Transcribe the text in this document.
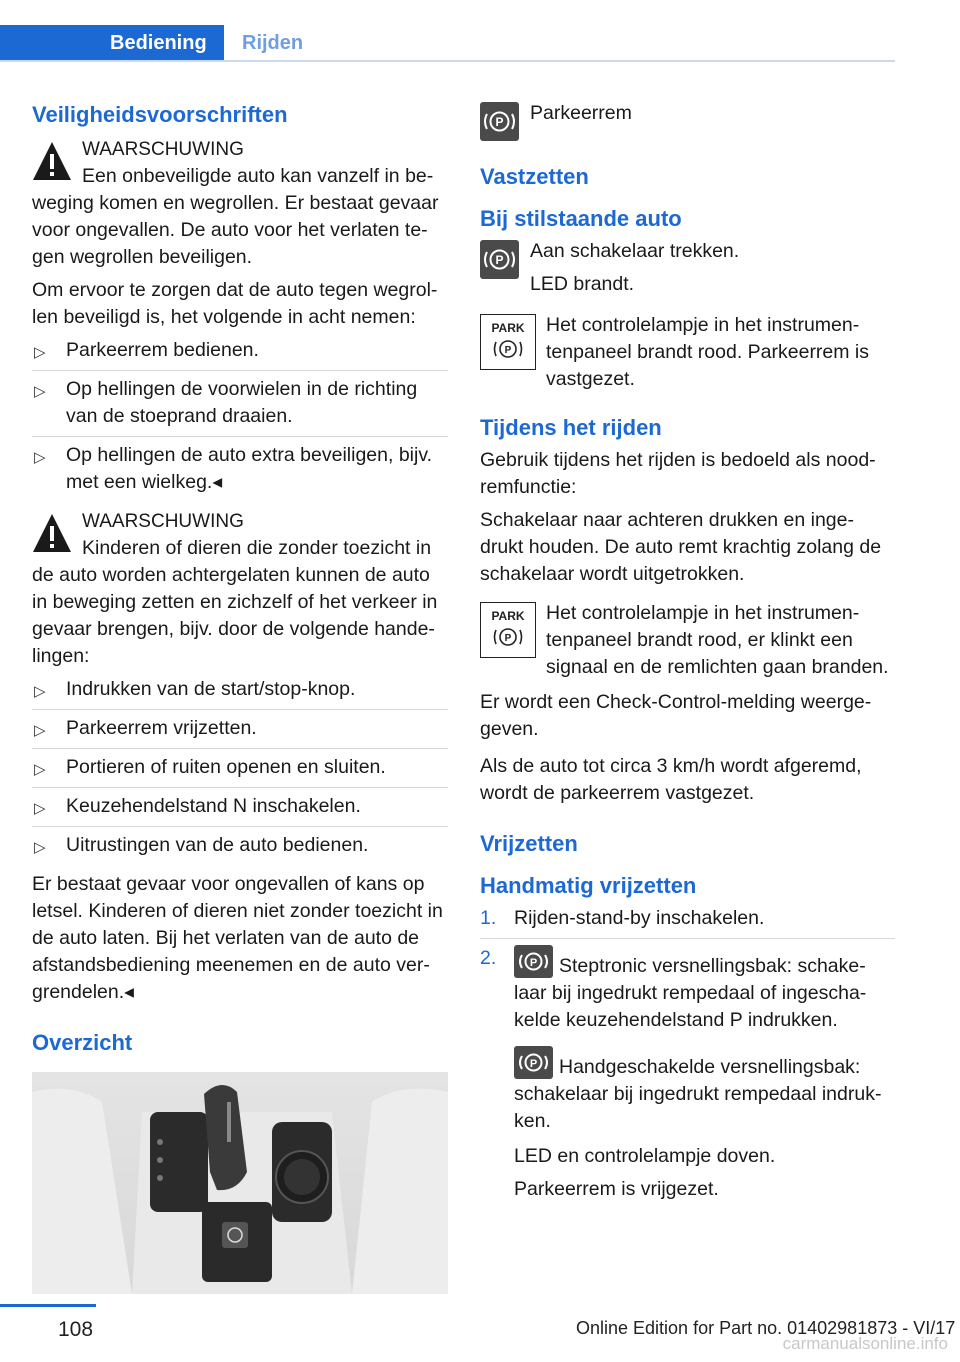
Bediening	Rijden
Veiligheidsvoorschriften
WAARSCHUWING
Een onbeveiligde auto kan vanzelf in be-

weging komen en wegrollen. Er bestaat gevaar voor ongevallen. De auto voor het verlaten te-gen wegrollen beveiligen.

Om ervoor te zorgen dat de auto tegen wegrol-len beveiligd is, het volgende in acht nemen:

▷ Parkeerrem bedienen.
▷ Op hellingen de voorwielen in de richting van de stoeprand draaien.
▷ Op hellingen de auto extra beveiligen, bijv. met een wielkeg.◂
WAARSCHUWING
Kinderen of dieren die zonder toezicht in

de auto worden achtergelaten kunnen de auto in beweging zetten en zichzelf of het verkeer in gevaar brengen, bijv. door de volgende hande-lingen:

▷ Indrukken van de start/stop-knop.
▷ Parkeerrem vrijzetten.
▷ Portieren of ruiten openen en sluiten.
▷ Keuzehendelstand N inschakelen.
▷ Uitrustingen van de auto bedienen.

Er bestaat gevaar voor ongevallen of kans op letsel. Kinderen of dieren niet zonder toezicht in de auto laten. Bij het verlaten van de auto de afstandsbediening meenemen en de auto ver-grendelen.◂

Overzicht
P Parkeerrem

Vastzetten
Bij stilstaande auto
P Aan schakelaar trekken.

LED brandt.

PARK
P

Het controlelampje in het instrumen-tenpaneel brandt rood. Parkeerrem is vastgezet.

Tijdens het rijden

Gebruik tijdens het rijden is bedoeld als nood-remfunctie:

Schakelaar naar achteren drukken en inge-drukt houden. De auto remt krachtig zolang de schakelaar wordt uitgetrokken.

PARK
P

Het controlelampje in het instrumen-tenpaneel brandt rood, er klinkt een signaal en de remlichten gaan branden.

Er wordt een Check-Control-melding weerge-geven.

Als de auto tot circa 3 km/h wordt afgeremd, wordt de parkeerrem vastgezet.

Vrijzetten
Handmatig vrijzetten
1. Rijden-stand-by inschakelen.
2.	P Steptronic versnellingsbak: schake-laar bij ingedrukt rempedaal of ingescha-kelde keuzehendelstand P indrukken.

P Handgeschakelde versnellingsbak: schakelaar bij ingedrukt rempedaal indruk-ken.

LED en controlelampje doven.

Parkeerrem is vrijgezet.

108	Online Edition for Part no. 01402981873 - VI/17
carmanualsonline.info
